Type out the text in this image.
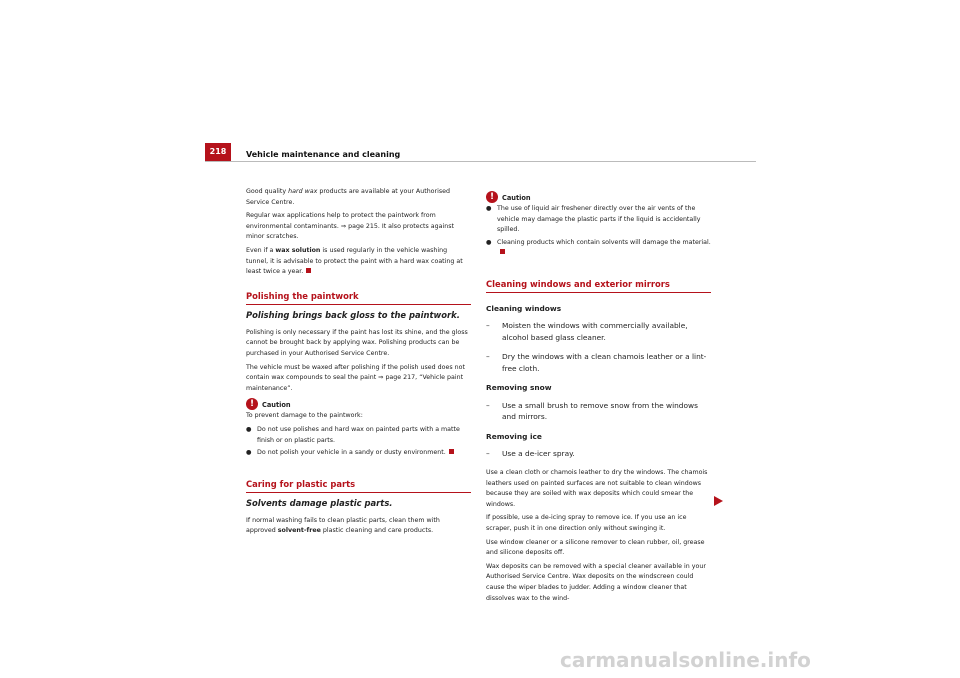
218	Vehicle maintenance and cleaning

Good quality hard wax products are available at your Authorised Service Centre.

Regular wax applications help to protect the paintwork from environmental contaminants. ⇒ page 215. It also protects against minor scratches.

Even if a wax solution is used regularly in the vehicle washing tunnel, it is advisable to protect the paint with a hard wax coating at least twice a year.

Polishing the paintwork
Polishing brings back gloss to the paintwork.

Polishing is only necessary if the paint has lost its shine, and the gloss cannot be brought back by applying wax. Polishing products can be purchased in your Authorised Service Centre.

The vehicle must be waxed after polishing if the polish used does not contain wax compounds to seal the paint ⇒ page 217, “Vehicle paint maintenance”.

!	Caution

To prevent damage to the paintwork:

● Do not use polishes and hard wax on painted parts with a matte finish or on plastic parts.
● Do not polish your vehicle in a sandy or dusty environment.
Caring for plastic parts
Solvents damage plastic parts.

If normal washing fails to clean plastic parts, clean them with approved solvent-free plastic cleaning and care products.

!	Caution
● The use of liquid air freshener directly over the air vents of the vehicle may damage the plastic parts if the liquid is accidentally spilled.
● Cleaning products which contain solvents will damage the material.
Cleaning windows and exterior mirrors

Cleaning windows

–	Moisten the windows with commercially available, alcohol based glass cleaner.
–	Dry the windows with a clean chamois leather or a lint-free cloth.

Removing snow

–	Use a small brush to remove snow from the windows and mirrors.

Removing ice

–	Use a de-icer spray.

Use a clean cloth or chamois leather to dry the windows. The chamois leathers used on painted surfaces are not suitable to clean windows because they are soiled with wax deposits which could smear the windows.

If possible, use a de-icing spray to remove ice. If you use an ice scraper, push it in one direction only without swinging it.

Use window cleaner or a silicone remover to clean rubber, oil, grease and silicone deposits off.

Wax deposits can be removed with a special cleaner available in your Authorised Service Centre. Wax deposits on the windscreen could cause the wiper blades to judder. Adding a window cleaner that dissolves wax to the wind-

carmanualsonline.info
